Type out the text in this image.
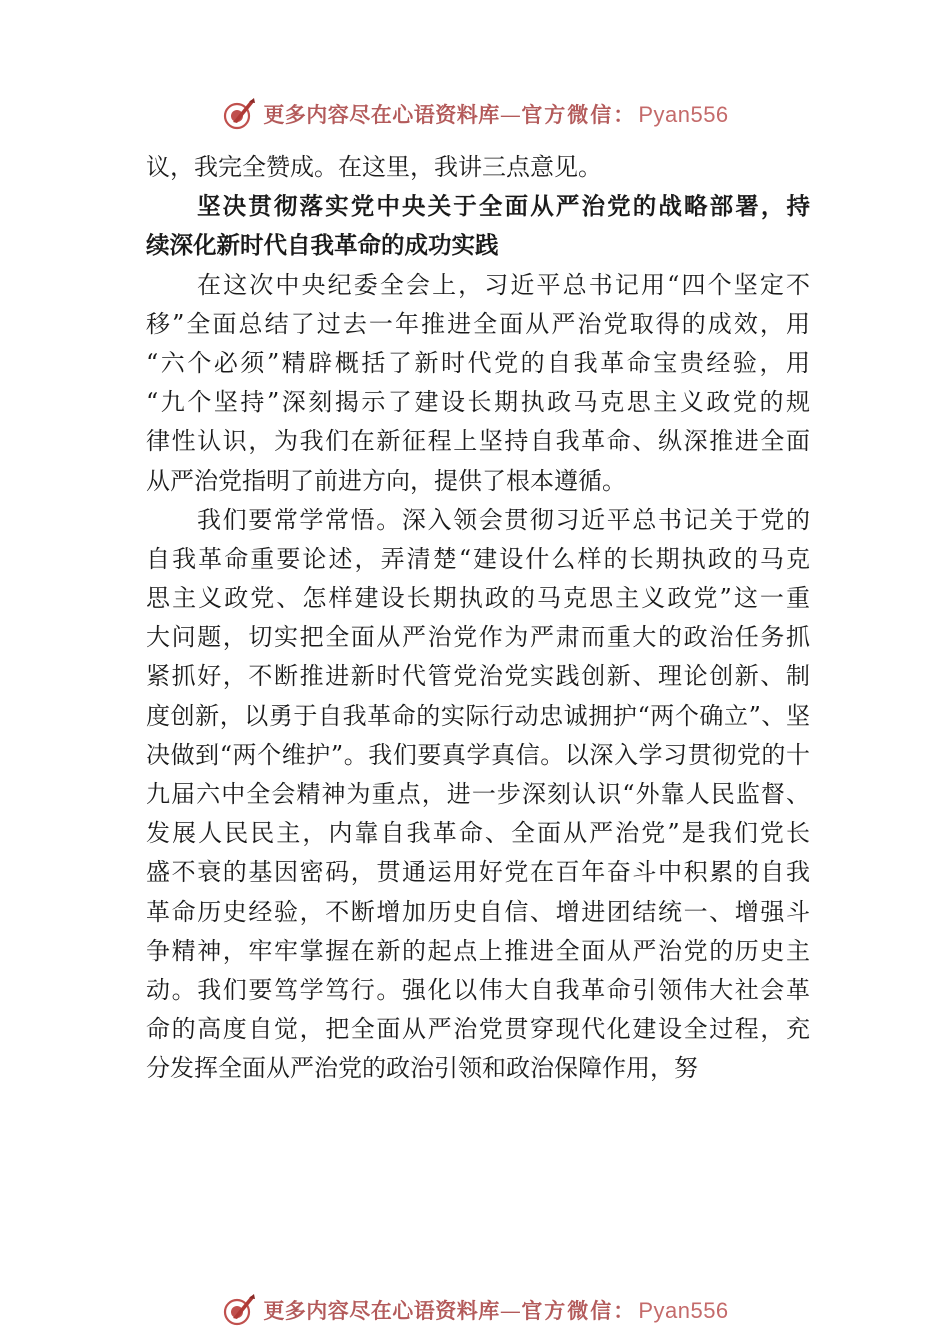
更多内容尽在心语资料库 — 官方微信： Pyan556
议，我完全赞成。在这里，我讲三点意见。
坚决贯彻落实党中央关于全面从严治党的战略部署，持
续深化新时代自我革命的成功实践
在这次中央纪委全会上，习近平总书记用“四个坚定不
移”全面总结了过去一年推进全面从严治党取得的成效，用
“六个必须”精辟概括了新时代党的自我革命宝贵经验，用
“九个坚持”深刻揭示了建设长期执政马克思主义政党的规
律性认识，为我们在新征程上坚持自我革命、纵深推进全面
从严治党指明了前进方向，提供了根本遵循。
我们要常学常悟。深入领会贯彻习近平总书记关于党的
自我革命重要论述，弄清楚“建设什么样的长期执政的马克
思主义政党、怎样建设长期执政的马克思主义政党”这一重
大问题，切实把全面从严治党作为严肃而重大的政治任务抓
紧抓好，不断推进新时代管党治党实践创新、理论创新、制
度创新，以勇于自我革命的实际行动忠诚拥护“两个确立”、坚
决做到“两个维护”。我们要真学真信。以深入学习贯彻党的十
九届六中全会精神为重点，进一步深刻认识“外靠人民监督、
发展人民民主，内靠自我革命、全面从严治党”是我们党长
盛不衰的基因密码，贯通运用好党在百年奋斗中积累的自我
革命历史经验，不断增加历史自信、增进团结统一、增强斗
争精神，牢牢掌握在新的起点上推进全面从严治党的历史主
动。我们要笃学笃行。强化以伟大自我革命引领伟大社会革
命的高度自觉，把全面从严治党贯穿现代化建设全过程，充
分发挥全面从严治党的政治引领和政治保障作用，努
更多内容尽在心语资料库 — 官方微信： Pyan556
